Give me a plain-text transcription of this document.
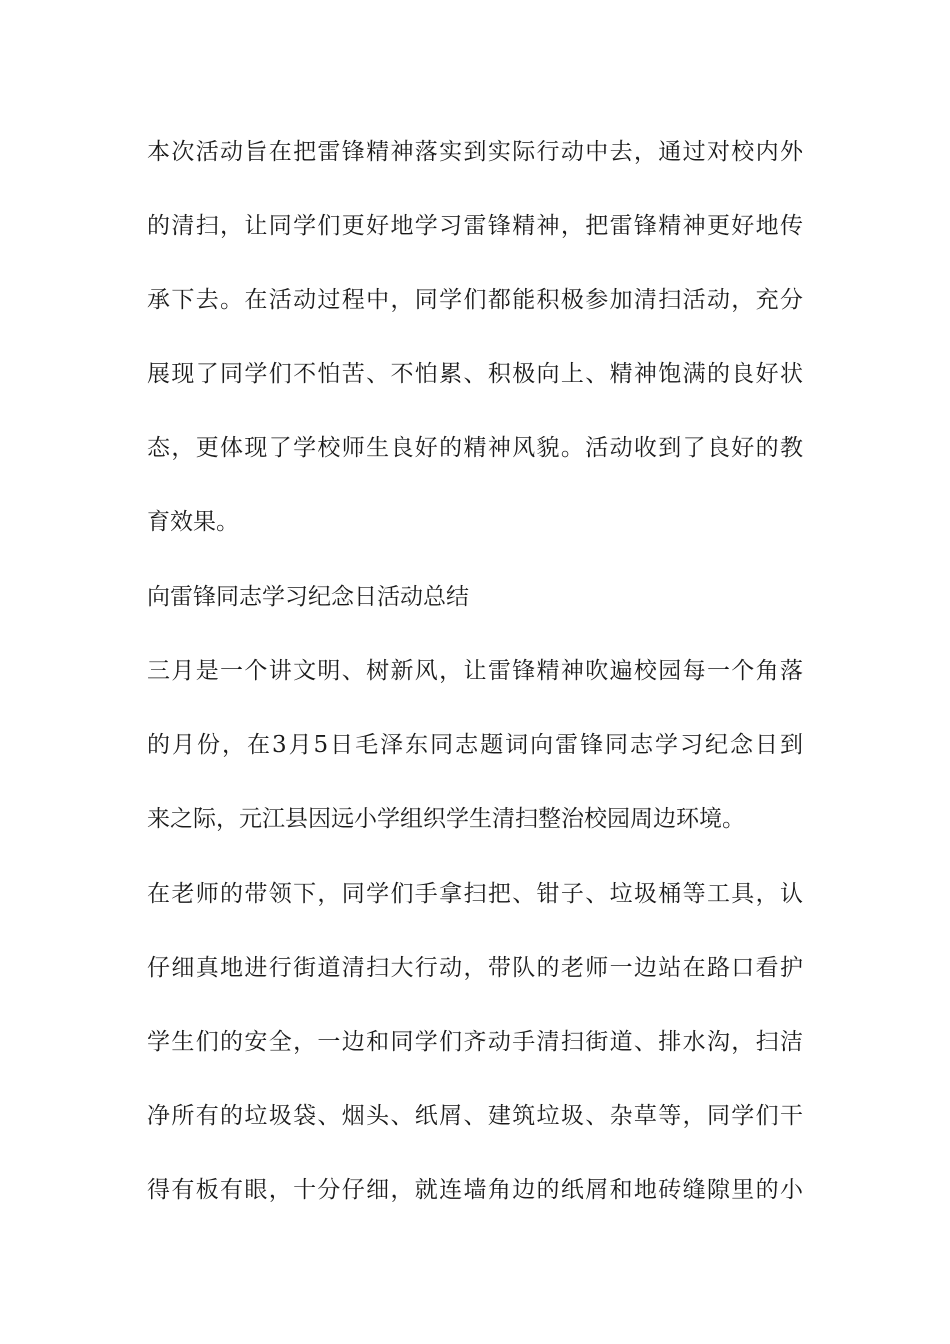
本次活动旨在把雷锋精神落实到实际行动中去，通过对校内外
的清扫，让同学们更好地学习雷锋精神，把雷锋精神更好地传
承下去。在活动过程中，同学们都能积极参加清扫活动，充分
展现了同学们不怕苦、不怕累、积极向上、精神饱满的良好状
态，更体现了学校师生良好的精神风貌。活动收到了良好的教
育效果。
向雷锋同志学习纪念日活动总结
三月是一个讲文明、树新风，让雷锋精神吹遍校园每一个角落
的月份，在3月5日毛泽东同志题词向雷锋同志学习纪念日到
来之际，元江县因远小学组织学生清扫整治校园周边环境。
在老师的带领下，同学们手拿扫把、钳子、垃圾桶等工具，认
仔细真地进行街道清扫大行动，带队的老师一边站在路口看护
学生们的安全，一边和同学们齐动手清扫街道、排水沟，扫洁
净所有的垃圾袋、烟头、纸屑、建筑垃圾、杂草等，同学们干
得有板有眼，十分仔细，就连墙角边的纸屑和地砖缝隙里的小
